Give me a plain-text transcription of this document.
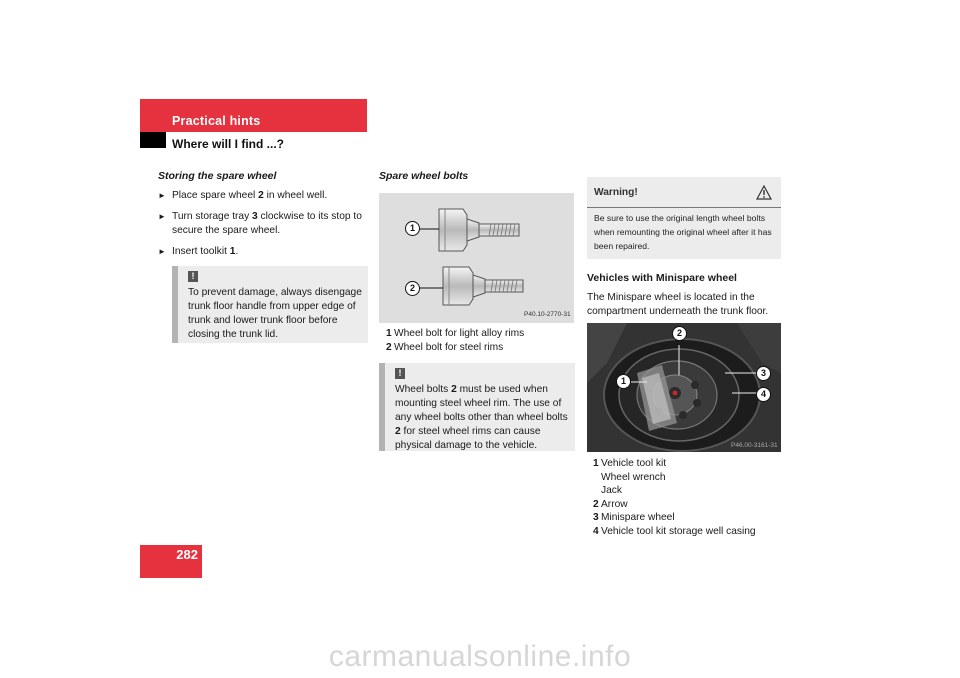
Practical hints
Where will I find ...?
Storing the spare wheel
► Place spare wheel 2 in wheel well.
► Turn storage tray 3 clockwise to its stop to secure the spare wheel.
► Insert toolkit 1.
!
To prevent damage, always disengage trunk floor handle from upper edge of trunk and lower trunk floor before closing the trunk lid.
Spare wheel bolts
1
2
P40.10-2770-31
1 Wheel bolt for light alloy rims
2 Wheel bolt for steel rims
!
Wheel bolts 2 must be used when mounting steel wheel rim. The use of any wheel bolts other than wheel bolts 2 for steel wheel rims can cause physical damage to the vehicle.
Warning!
Be sure to use the original length wheel bolts when remounting the original wheel after it has been repaired.
Vehicles with Minispare wheel
The Minispare wheel is located in the compartment underneath the trunk floor.
2
1
3
4
P46.00-3161-31
1 Vehicle tool kit
Wheel wrench
Jack
2 Arrow
3 Minispare wheel
4 Vehicle tool kit storage well casing
282
carmanualsonline.info
